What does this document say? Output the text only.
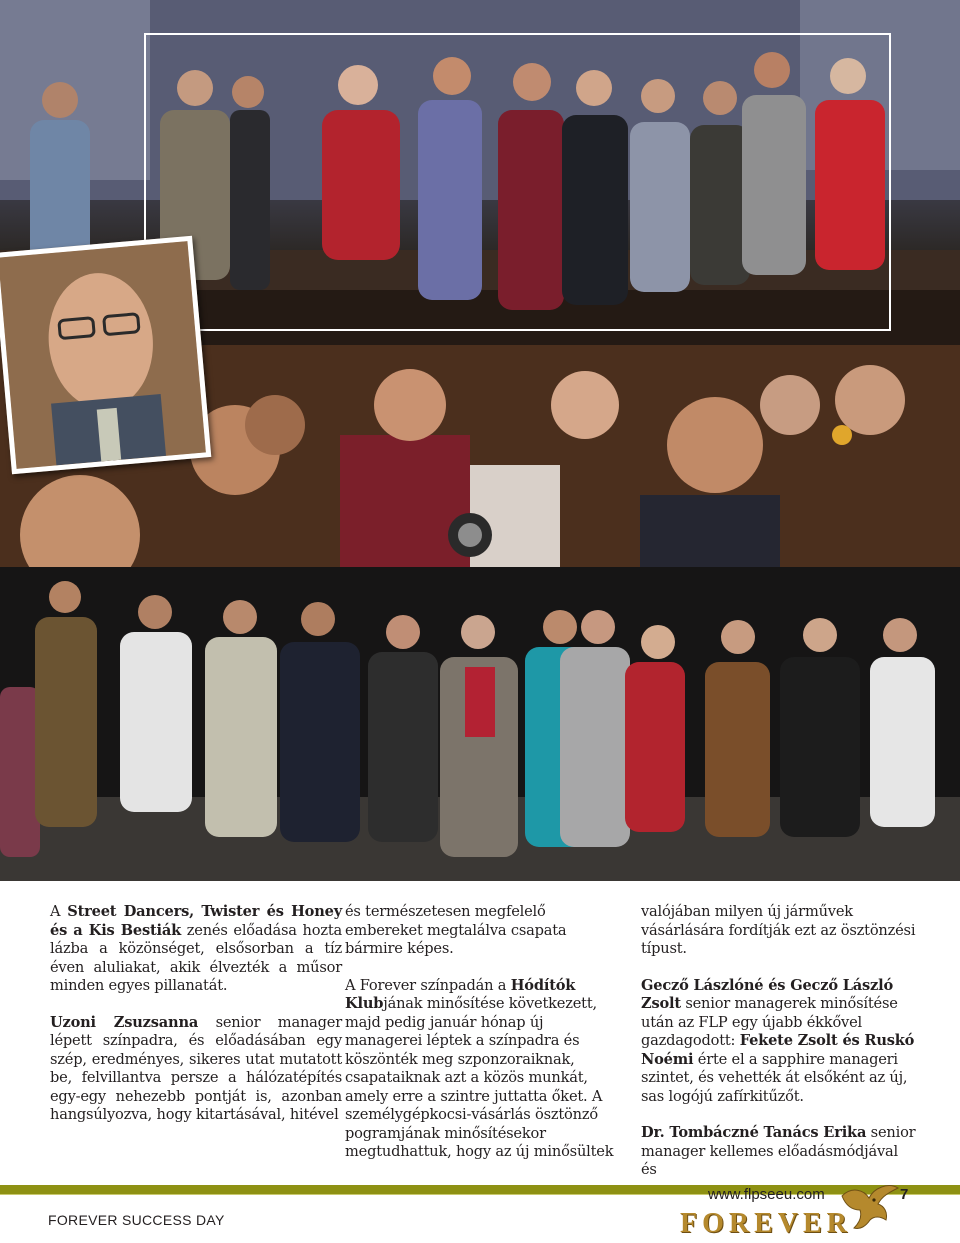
A Street Dancers, Twister és Honey és a Kis Bestiák zenés előadása hozta lázba a közönséget, elsősorban a tíz éven aluliakat, akik élvezték a műsor minden egyes pillanatát.

Uzoni Zsuzsanna senior manager lépett színpadra, és előadásában egy szép, eredményes, sikeres utat mutatott be, felvillantva persze a hálózatépítés egy-egy nehezebb pontját is, azonban hangsúlyozva, hogy kitartásával, hitével

és természetesen megfelelő embereket megtalálva csapata bármire képes.

A Forever színpadán a Hódítók Klubjának minősítése következett, majd pedig január hónap új managerei léptek a színpadra és köszönték meg szponzoraiknak, csapataiknak azt a közös munkát, amely erre a szintre juttatta őket. A személygépkocsi-vásárlás ösztönző pogramjának minősítésekor megtudhattuk, hogy az új minősültek

valójában milyen új járművek vásárlására fordítják ezt az ösztönzési típust.

Gecző Lászlóné és Gecző László Zsolt senior managerek minősítése után az FLP egy újabb ékkővel gazdagodott: Fekete Zsolt és Ruskó Noémi érte el a sapphire manageri szintet, és vehették át elsőként az új, sas logójú zafírkitűzőt.

Dr. Tombáczné Tanács Erika senior manager kellemes előadásmódjával és

FOREVER SUCCESS DAY
www.flpseeu.com	7
FOREVER
